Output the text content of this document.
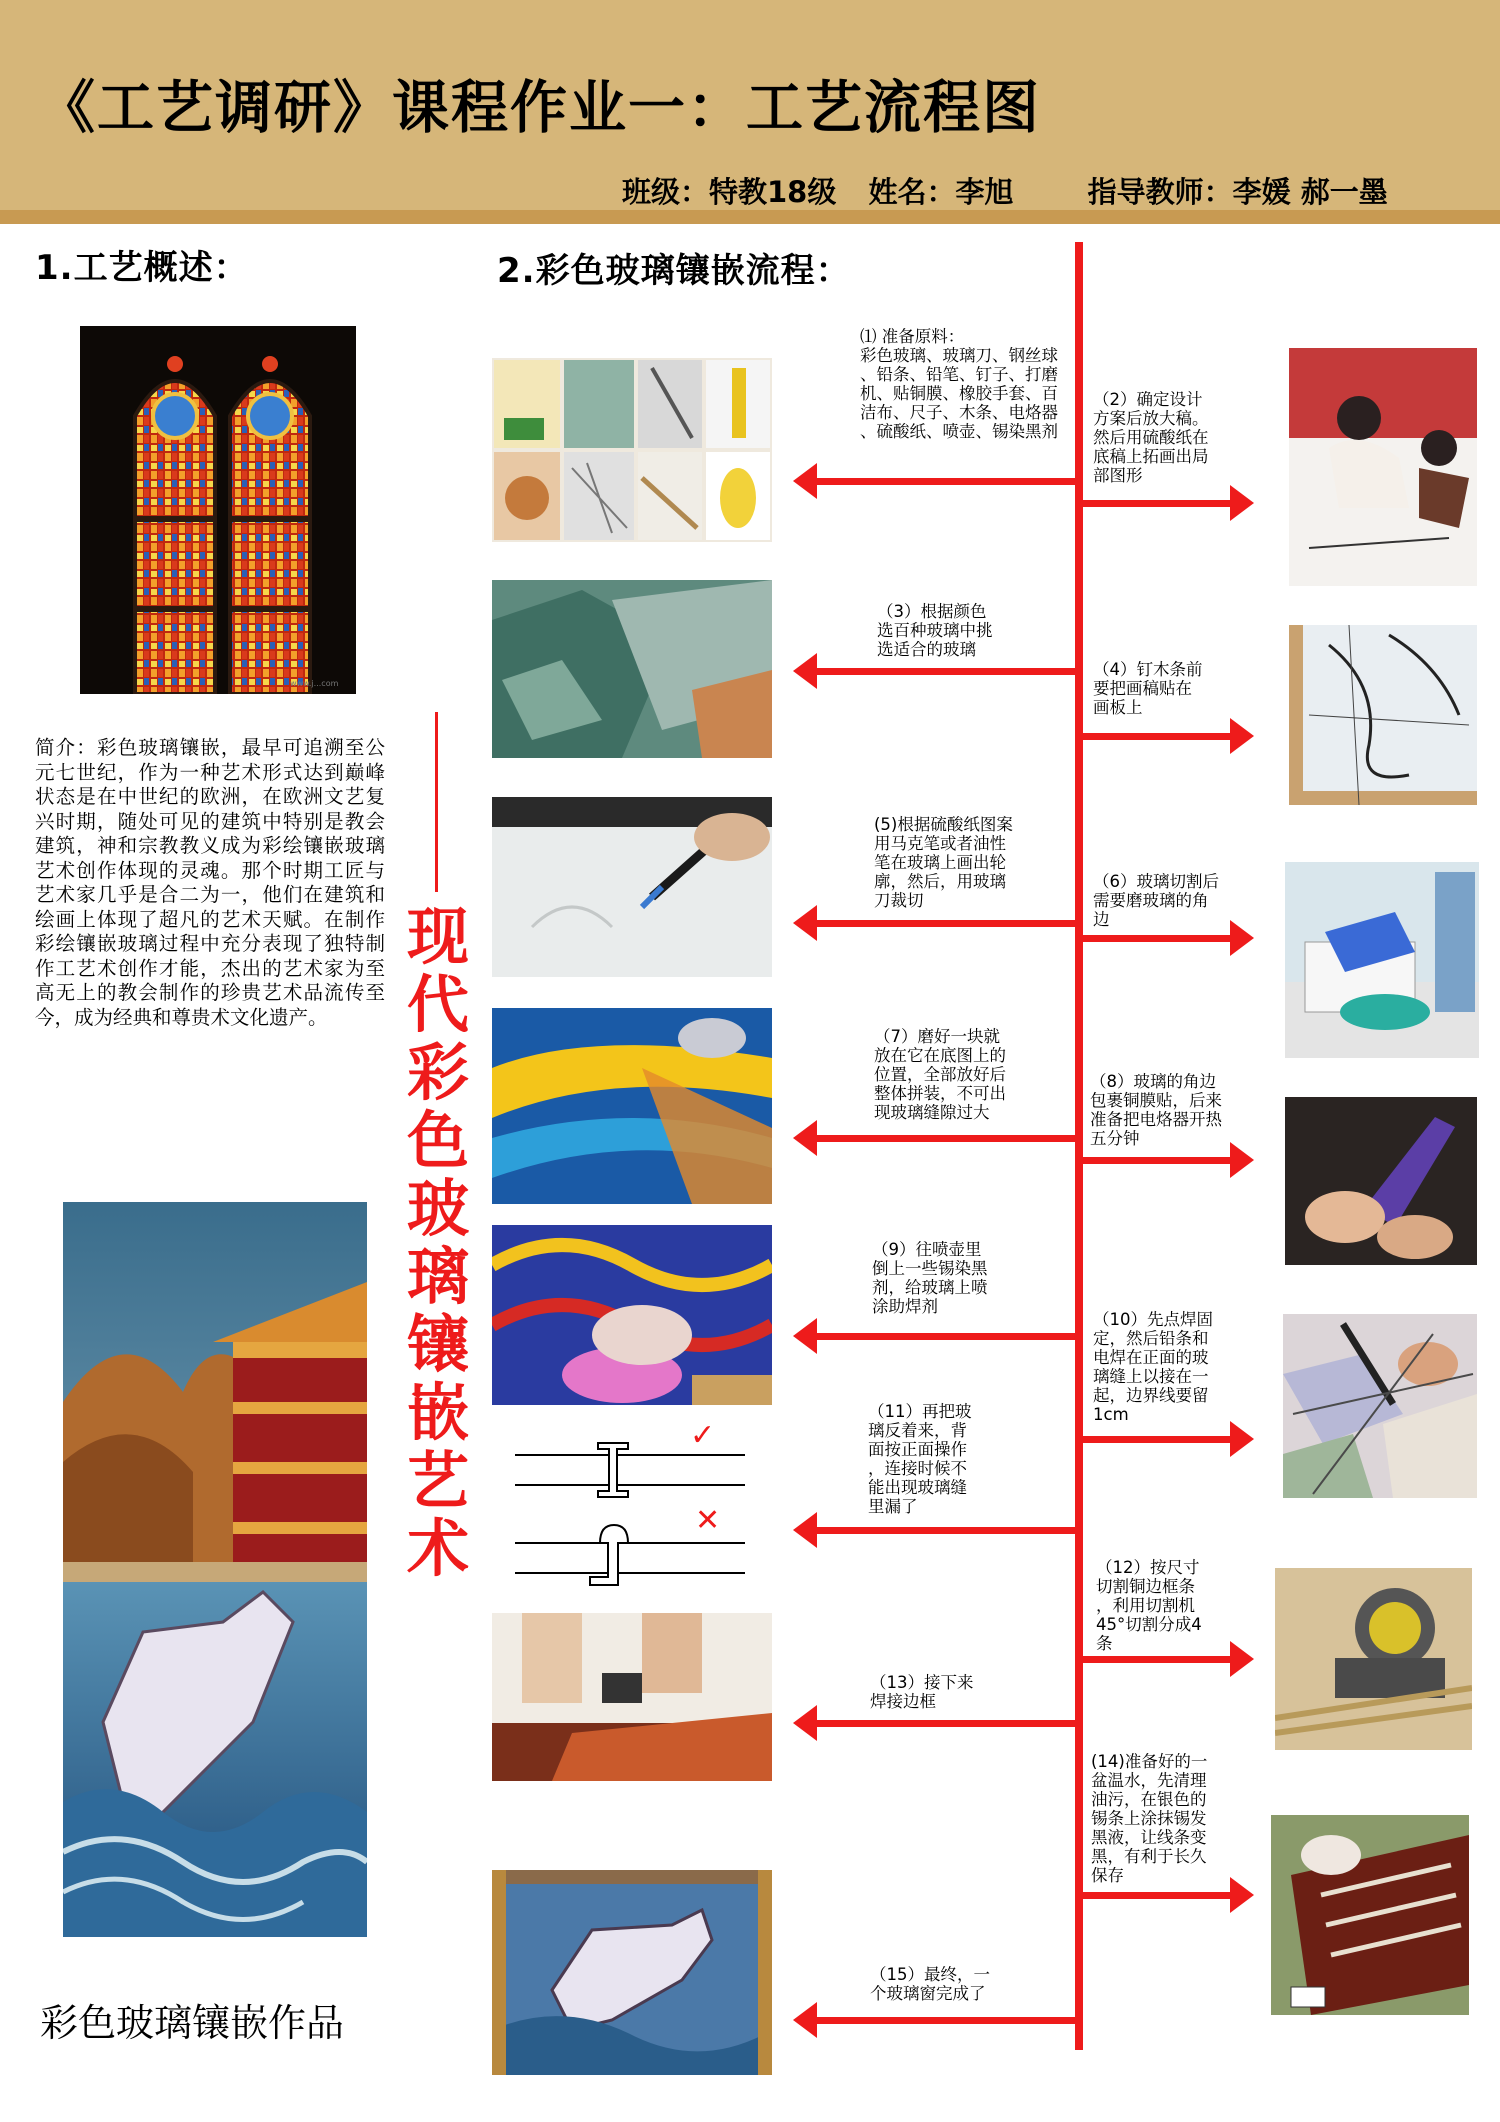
《工艺调研》课程作业一：工艺流程图
班级：特教18级 姓名：李旭	指导教师：李媛 郝一墨
1.工艺概述：	2.彩色玻璃镶嵌流程：
www.j...com
简介：彩色玻璃镶嵌，最早可追溯至公元七世纪，作为一种艺术形式达到巅峰状态是在中世纪的欧洲，在欧洲文艺复兴时期，随处可见的建筑中特别是教会建筑，神和宗教教义成为彩绘镶嵌玻璃艺术创作体现的灵魂。那个时期工匠与艺术家几乎是合二为一，他们在建筑和绘画上体现了超凡的艺术天赋。在制作彩绘镶嵌玻璃过程中充分表现了独特制作工艺术创作才能，杰出的艺术家为至高无上的教会制作的珍贵艺术品流传至今，成为经典和尊贵术文化遗产。
现代彩色玻璃镶嵌艺术
彩色玻璃镶嵌作品
⑴ 准备原料：
彩色玻璃、玻璃刀、钢丝球
、铅条、铅笔、钉子、打磨
机、贴铜膜、橡胶手套、百
洁布、尺子、木条、电烙器
、硫酸纸、喷壶、锡染黑剂
（3）根据颜色
选百种玻璃中挑
选适合的玻璃
(5)根据硫酸纸图案
用马克笔或者油性
笔在玻璃上画出轮
廓，然后，用玻璃
刀裁切
（7）磨好一块就
放在它在底图上的
位置，全部放好后
整体拼装，不可出
现玻璃缝隙过大
（9）往喷壶里
倒上一些锡染黑
剂，给玻璃上喷
涂助焊剂
（11）再把玻
璃反着来，背
面按正面操作
，连接时候不
能出现玻璃缝
里漏了
（13）接下来
焊接边框
（15）最终，一
个玻璃窗完成了
（2）确定设计
方案后放大稿。
然后用硫酸纸在
底稿上拓画出局
部图形
（4）钉木条前
要把画稿贴在
画板上
（6）玻璃切割后
需要磨玻璃的角
边
（8）玻璃的角边
包裹铜膜贴，后来
准备把电烙器开热
五分钟
（10）先点焊固
定，然后铅条和
电焊在正面的玻
璃缝上以接在一
起，边界线要留
1cm
（12）按尺寸
切割铜边框条
，利用切割机
45°切割分成4
条
(14)准备好的一
盆温水，先清理
油污，在银色的
锡条上涂抹锡发
黑液，让线条变
黑，有利于长久
保存
✓
✕
